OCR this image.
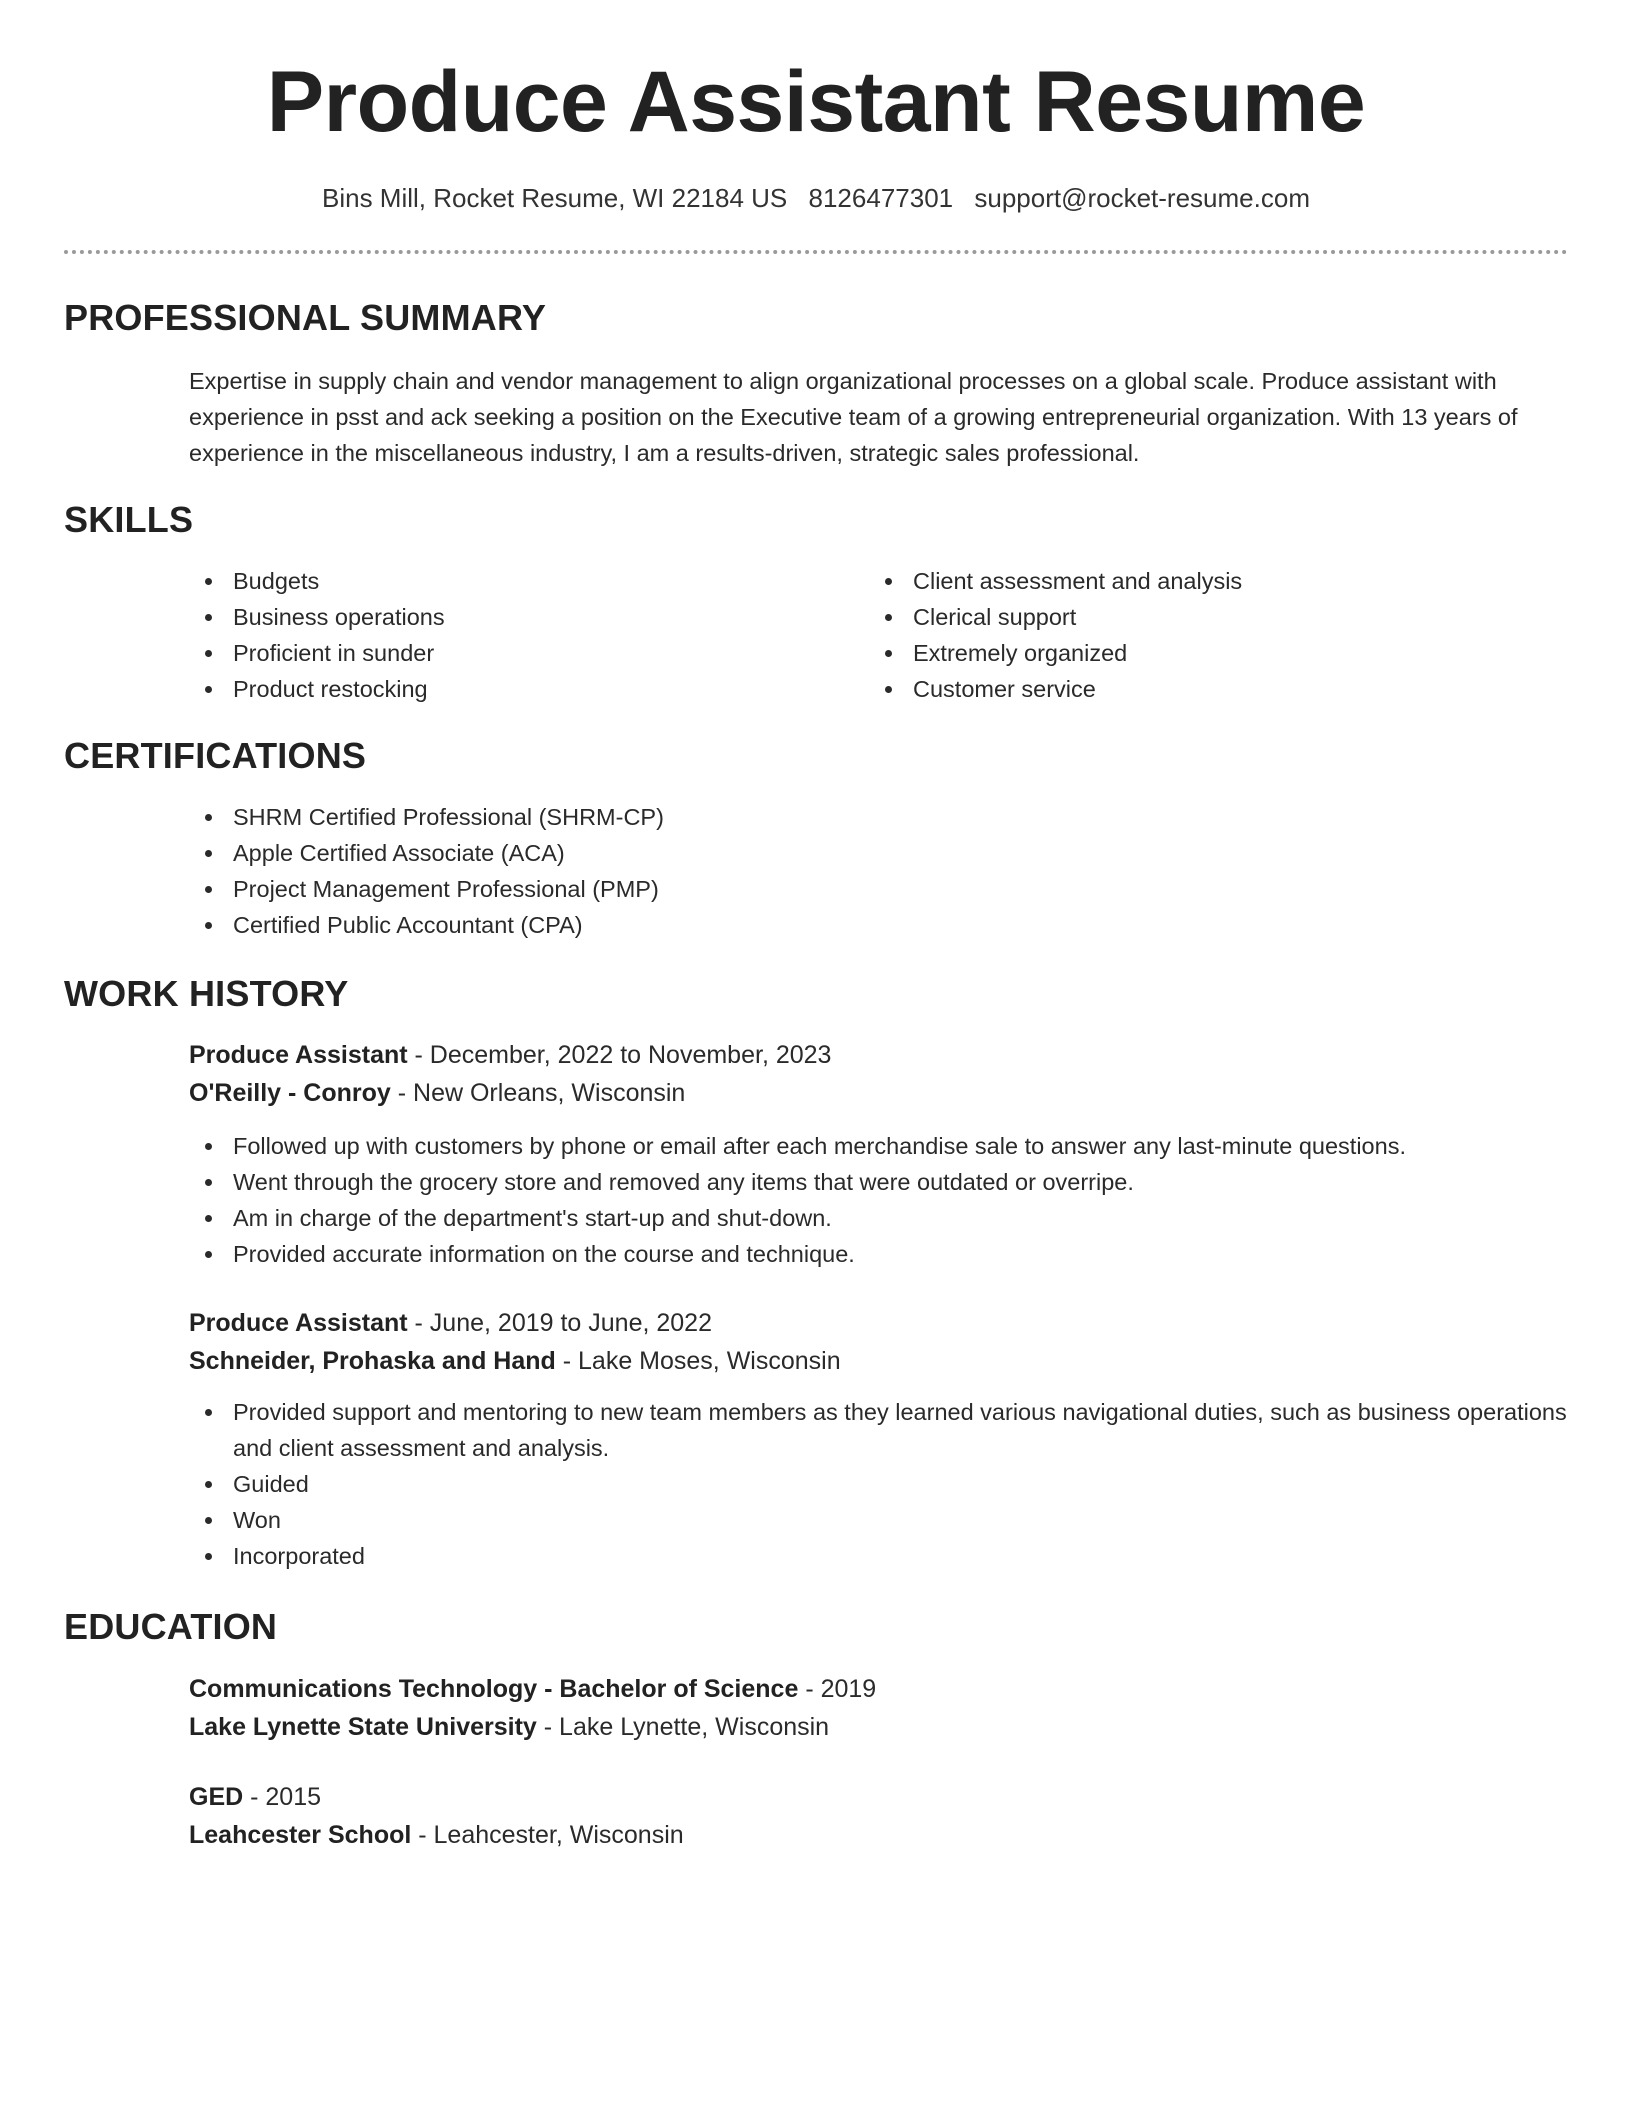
Produce Assistant Resume
Bins Mill, Rocket Resume, WI 22184 US 8126477301 support@rocket-resume.com
PROFESSIONAL SUMMARY
Expertise in supply chain and vendor management to align organizational processes on a global scale. Produce assistant with experience in psst and ack seeking a position on the Executive team of a growing entrepreneurial organization. With 13 years of experience in the miscellaneous industry, I am a results-driven, strategic sales professional.
SKILLS
Budgets
Business operations
Proficient in sunder
Product restocking
Client assessment and analysis
Clerical support
Extremely organized
Customer service
CERTIFICATIONS
SHRM Certified Professional (SHRM-CP)
Apple Certified Associate (ACA)
Project Management Professional (PMP)
Certified Public Accountant (CPA)
WORK HISTORY
Produce Assistant - December, 2022 to November, 2023
O'Reilly - Conroy - New Orleans, Wisconsin
Followed up with customers by phone or email after each merchandise sale to answer any last-minute questions.
Went through the grocery store and removed any items that were outdated or overripe.
Am in charge of the department's start-up and shut-down.
Provided accurate information on the course and technique.
Produce Assistant - June, 2019 to June, 2022
Schneider, Prohaska and Hand - Lake Moses, Wisconsin
Provided support and mentoring to new team members as they learned various navigational duties, such as business operations and client assessment and analysis.
Guided
Won
Incorporated
EDUCATION
Communications Technology - Bachelor of Science - 2019
Lake Lynette State University - Lake Lynette, Wisconsin
GED - 2015
Leahcester School - Leahcester, Wisconsin
